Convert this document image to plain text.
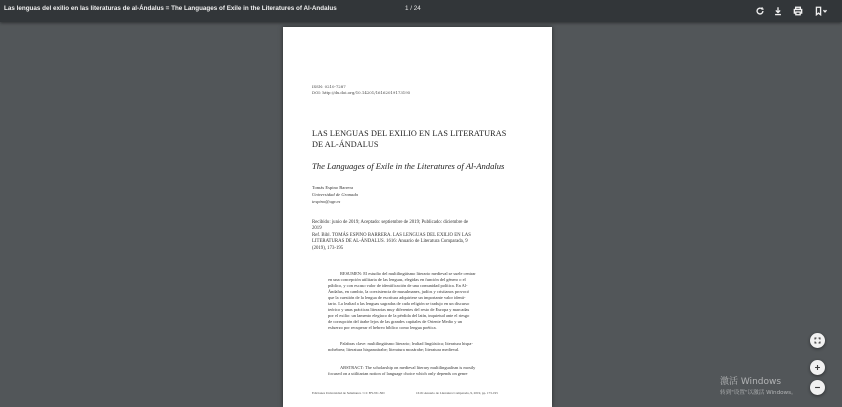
Las lenguas del exilio en las literaturas de al-Ándalus = The Languages of Exile in the Literatures of Al-Andalus	1 / 24
ISSN: 0210-7287
DOI: http://dx.doi.org/10.14201/16162019173195
LAS LENGUAS DEL EXILIO EN LAS LITERATURAS
DE AL-ÁNDALUS
The Languages of Exile in the Literatures of Al-Andalus
Tomás Espino Barrera
Universidad de Granada
tespino@ugr.es
Recibido: junio de 2019; Aceptado: septiembre de 2019; Publicado: diciembre de
2019
Ref. Bibl. TOMÁS ESPINO BARRERA. LAS LENGUAS DEL EXILIO EN LAS
LITERATURAS DE AL-ÁNDALUS. 1616: Anuario de Literatura Comparada, 9
(2019), 173-195
RESUMEN: El estudio del multilingüismo literario medieval se suele centrar
en una concepción utilitaria de las lenguas, elegidas en función del género o el
público, y con escaso valor de identificación de una comunidad política. En Al-
Ándalus, en cambio, la coexistencia de musulmanes, judíos y cristianos provocó
que la cuestión de la lengua de escritura adquiriese un importante valor identi-
tario. La lealtad a las lenguas sagradas de cada religión se tradujo en un discurso
teórico y unas prácticas literarias muy diferentes del resto de Europa y marcadas
por el exilio: un lamento elegíaco de la pérdida del latín, inquietud ante el riesgo
de corrupción del árabe lejos de las grandes capitales de Oriente Medio y un
esfuerzo por recuperar el hebreo bíblico como lengua poética.
Palabras clave: multilingüismo literario; lealtad lingüística; literatura hispa-
nohebrea; literatura hispanoárabe; literatura mozárabe; literatura medieval.
ABSTRACT: The scholarship on medieval literary multilingualism is mostly
focused on a utilitarian notion of language choice which only depends on genre
Ediciones Universidad de Salamanca / CC BY-NC-ND	1616: Anuario de Literatura Comparada, 9, 2019, pp. 173-195
激活 Windows
转到"设置"以激活 Windows。
